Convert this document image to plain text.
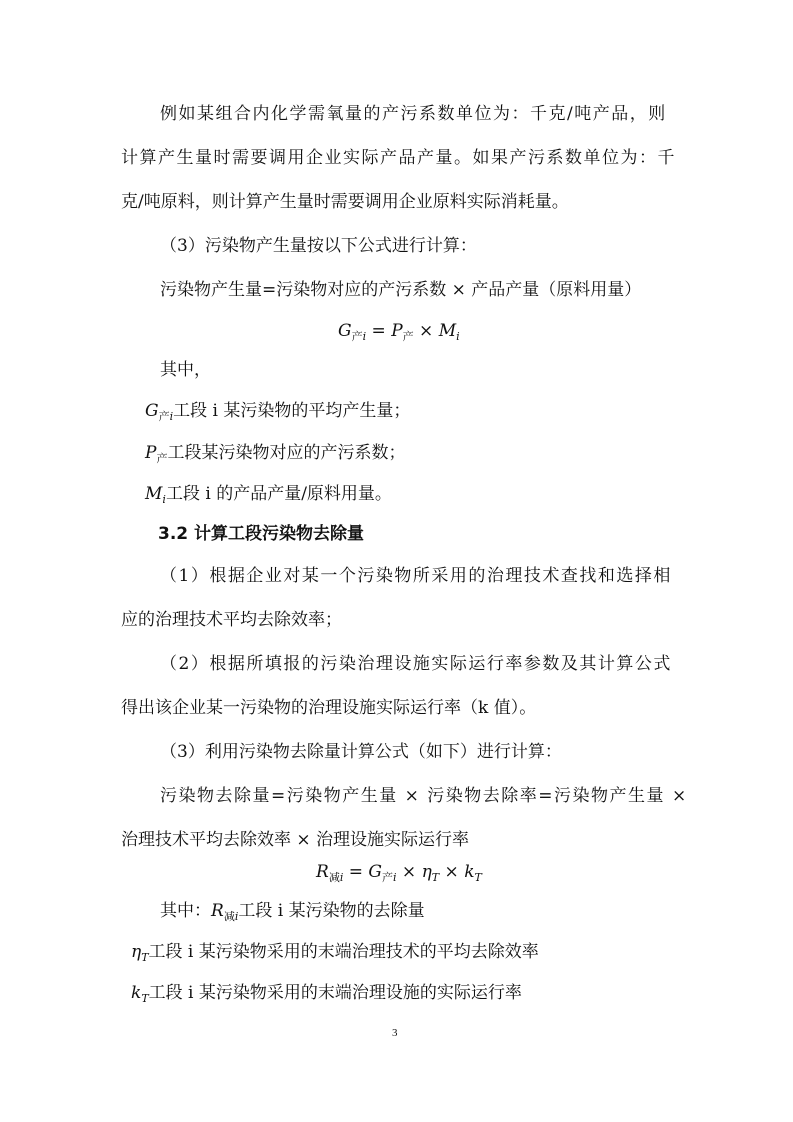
例如某组合内化学需氧量的产污系数单位为：千克/吨产品，则
计算产生量时需要调用企业实际产品产量。如果产污系数单位为：千
克/吨原料，则计算产生量时需要调用企业原料实际消耗量。
（3）污染物产生量按以下公式进行计算：
污染物产生量=污染物对应的产污系数 × 产品产量（原料用量）
$G_{产i} = P_产 \times M_i$
其中，
$G_{产i}$工段 i 某污染物的平均产生量；
$P_产$工段某污染物对应的产污系数；
$M_i$工段 i 的产品产量/原料用量。
3.2 计算工段污染物去除量
（1）根据企业对某一个污染物所采用的治理技术查找和选择相
应的治理技术平均去除效率；
（2）根据所填报的污染治理设施实际运行率参数及其计算公式
得出该企业某一污染物的治理设施实际运行率（k 值）。
（3）利用污染物去除量计算公式（如下）进行计算：
污染物去除量=污染物产生量 × 污染物去除率=污染物产生量 ×
治理技术平均去除效率 × 治理设施实际运行率
$R_{减i} = G_{产i} \times \eta_T \times k_T$
其中：$R_{减i}$工段 i 某污染物的去除量
$\eta_T$工段 i 某污染物采用的末端治理技术的平均去除效率
$k_T$工段 i 某污染物采用的末端治理设施的实际运行率
3
